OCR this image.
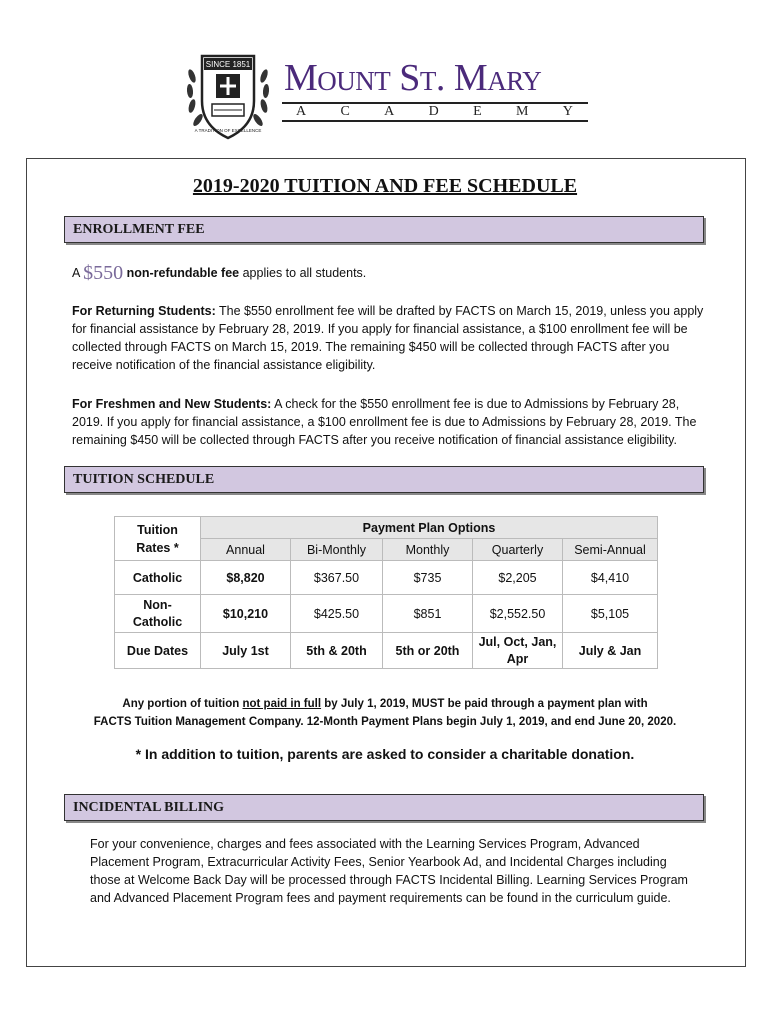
SINCE 1851
A TRADITION OF EXCELLENCE
Mount St. Mary
A C A D E M Y
2019-2020 TUITION AND FEE SCHEDULE
ENROLLMENT FEE
A $550 non-refundable fee applies to all students.
For Returning Students: The $550 enrollment fee will be drafted by FACTS on March 15, 2019, unless you apply for financial assistance by February 28, 2019. If you apply for financial assistance, a $100 enrollment fee will be collected through FACTS on March 15, 2019. The remaining $450 will be collected through FACTS after you receive notification of the financial assistance eligibility.
For Freshmen and New Students: A check for the $550 enrollment fee is due to Admissions by February 28, 2019. If you apply for financial assistance, a $100 enrollment fee is due to Admissions by February 28, 2019. The remaining $450 will be collected through FACTS after you receive notification of financial assistance eligibility.
TUITION SCHEDULE
Tuition Rates *	Payment Plan Options				
	Annual	Bi-Monthly	Monthly	Quarterly	Semi-Annual
Catholic	$8,820	$367.50	$735	$2,205	$4,410
Non-Catholic	$10,210	$425.50	$851	$2,552.50	$5,105
Due Dates	July 1st	5th & 20th	5th or 20th	Jul, Oct, Jan, Apr	July & Jan
Any portion of tuition not paid in full by July 1, 2019, MUST be paid through a payment plan with
FACTS Tuition Management Company. 12-Month Payment Plans begin July 1, 2019, and end June 20, 2020.
* In addition to tuition, parents are asked to consider a charitable donation.
INCIDENTAL BILLING
For your convenience, charges and fees associated with the Learning Services Program, Advanced Placement Program, Extracurricular Activity Fees, Senior Yearbook Ad, and Incidental Charges including those at Welcome Back Day will be processed through FACTS Incidental Billing. Learning Services Program and Advanced Placement Program fees and payment requirements can be found in the curriculum guide.
